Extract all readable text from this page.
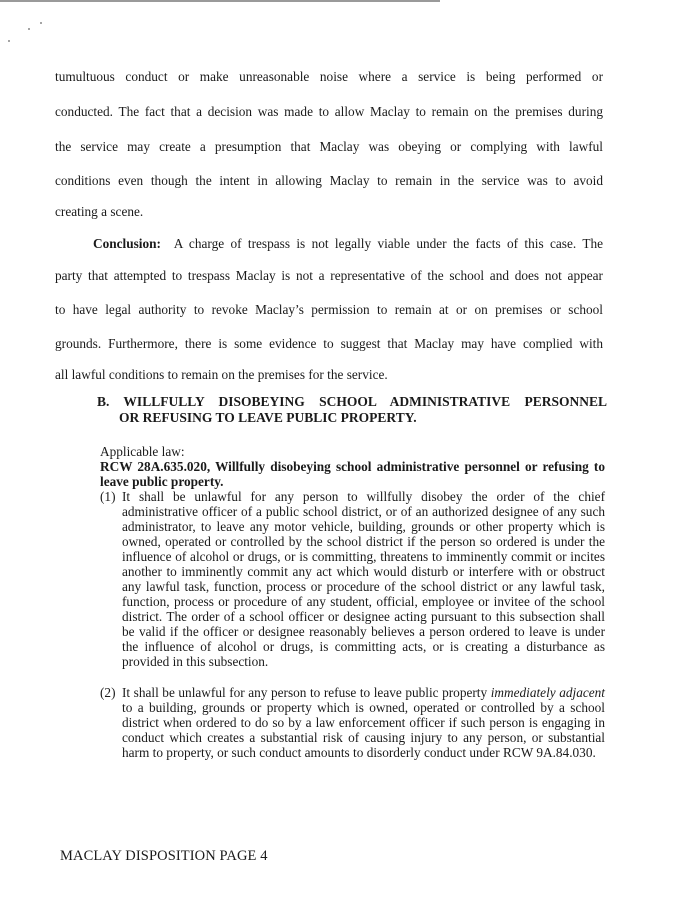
tumultuous conduct or make unreasonable noise where a service is being performed or

conducted. The fact that a decision was made to allow Maclay to remain on the premises during

the service may create a presumption that Maclay was obeying or complying with lawful

conditions even though the intent in allowing Maclay to remain in the service was to avoid

creating a scene.

Conclusion: A charge of trespass is not legally viable under the facts of this case. The

party that attempted to trespass Maclay is not a representative of the school and does not appear

to have legal authority to revoke Maclay’s permission to remain at or on premises or school

grounds. Furthermore, there is some evidence to suggest that Maclay may have complied with

all lawful conditions to remain on the premises for the service.

B. WILLFULLY DISOBEYING SCHOOL ADMINISTRATIVE PERSONNEL
OR REFUSING TO LEAVE PUBLIC PROPERTY.

Applicable law:

RCW 28A.635.020, Willfully disobeying school administrative personnel or refusing to leave public property.

(1) It shall be unlawful for any person to willfully disobey the order of the chief administrative officer of a public school district, or of an authorized designee of any such administrator, to leave any motor vehicle, building, grounds or other property which is owned, operated or controlled by the school district if the person so ordered is under the influence of alcohol or drugs, or is committing, threatens to imminently commit or incites another to imminently commit any act which would disturb or interfere with or obstruct any lawful task, function, process or procedure of the school district or any lawful task, function, process or procedure of any student, official, employee or invitee of the school district. The order of a school officer or designee acting pursuant to this subsection shall be valid if the officer or designee reasonably believes a person ordered to leave is under the influence of alcohol or drugs, is committing acts, or is creating a disturbance as provided in this subsection.
(2) It shall be unlawful for any person to refuse to leave public property immediately adjacent to a building, grounds or property which is owned, operated or controlled by a school district when ordered to do so by a law enforcement officer if such person is engaging in conduct which creates a substantial risk of causing injury to any person, or substantial harm to property, or such conduct amounts to disorderly conduct under RCW 9A.84.030.
MACLAY DISPOSITION PAGE 4
